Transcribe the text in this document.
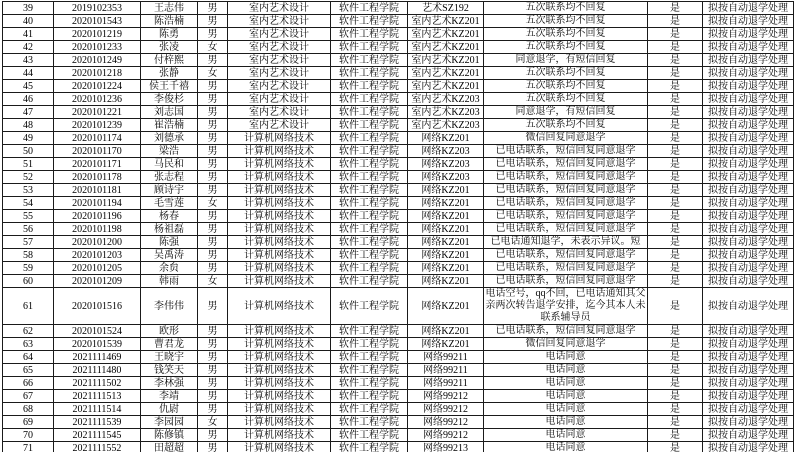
39	2019102353	王志伟	男	室内艺术设计	软件工程学院	艺术SZ192	五次联系均不回复	是	拟按自动退学处理
40	2020101543	陈浩楠	男	室内艺术设计	软件工程学院	室内艺术KZ201	五次联系均不回复	是	拟按自动退学处理
41	2020101219	陈勇	男	室内艺术设计	软件工程学院	室内艺术KZ201	五次联系均不回复	是	拟按自动退学处理
42	2020101233	张凌	女	室内艺术设计	软件工程学院	室内艺术KZ201	五次联系均不回复	是	拟按自动退学处理
43	2020101249	付梓熙	男	室内艺术设计	软件工程学院	室内艺术KZ201	同意退学，有短信回复	是	拟按自动退学处理
44	2020101218	张静	女	室内艺术设计	软件工程学院	室内艺术KZ201	五次联系均不回复	是	拟按自动退学处理
45	2020101224	侯王千禧	男	室内艺术设计	软件工程学院	室内艺术KZ201	五次联系均不回复	是	拟按自动退学处理
46	2020101236	李俊杉	男	室内艺术设计	软件工程学院	室内艺术KZ203	五次联系均不回复	是	拟按自动退学处理
47	2020101221	刘志国	男	室内艺术设计	软件工程学院	室内艺术KZ203	同意退学，有短信回复	是	拟按自动退学处理
48	2020101239	崔浩楠	男	室内艺术设计	软件工程学院	室内艺术KZ203	五次联系均不回复	是	拟按自动退学处理
49	2020101174	刘德承	男	计算机网络技术	软件工程学院	网络KZ201	微信回复同意退学	是	拟按自动退学处理
50	2020101170	梁浩	男	计算机网络技术	软件工程学院	网络KZ203	已电话联系，短信回复同意退学	是	拟按自动退学处理
51	2020101171	马民和	男	计算机网络技术	软件工程学院	网络KZ203	已电话联系，短信回复同意退学	是	拟按自动退学处理
52	2020101178	张志程	男	计算机网络技术	软件工程学院	网络KZ203	已电话联系，短信回复同意退学	是	拟按自动退学处理
53	2020101181	顾诗宇	男	计算机网络技术	软件工程学院	网络KZ201	已电话联系，短信回复同意退学	是	拟按自动退学处理
54	2020101194	毛雪莲	女	计算机网络技术	软件工程学院	网络KZ201	已电话联系，短信回复同意退学	是	拟按自动退学处理
55	2020101196	杨春	男	计算机网络技术	软件工程学院	网络KZ201	已电话联系，短信回复同意退学	是	拟按自动退学处理
56	2020101198	杨祖磊	男	计算机网络技术	软件工程学院	网络KZ201	已电话联系，短信回复同意退学	是	拟按自动退学处理
57	2020101200	陈强	男	计算机网络技术	软件工程学院	网络KZ201	已电话通知退学，未表示异议。短	是	拟按自动退学处理
58	2020101203	吴禹涛	男	计算机网络技术	软件工程学院	网络KZ201	已电话联系，短信回复同意退学	是	拟按自动退学处理
59	2020101205	余贠	男	计算机网络技术	软件工程学院	网络KZ201	已电话联系，短信回复同意退学	是	拟按自动退学处理
60	2020101209	韩雨	女	计算机网络技术	软件工程学院	网络KZ201	已电话联系，短信回复同意退学	是	拟按自动退学处理
61	2020101516	李伟伟	男	计算机网络技术	软件工程学院	网络KZ201	电话空号，qq不回，已电话通知其父亲两次转告退学安排，迄今其本人未联系辅导员	是	拟按自动退学处理
62	2020101524	欧形	男	计算机网络技术	软件工程学院	网络KZ201	已电话联系，短信回复同意退学	是	拟按自动退学处理
63	2020101539	曹君龙	男	计算机网络技术	软件工程学院	网络KZ201	微信回复同意退学	是	拟按自动退学处理
64	2021111469	王晓宇	男	计算机网络技术	软件工程学院	网络99211	电话同意	是	拟按自动退学处理
65	2021111480	钱笑天	男	计算机网络技术	软件工程学院	网络99211	电话同意	是	拟按自动退学处理
66	2021111502	李林强	男	计算机网络技术	软件工程学院	网络99211	电话同意	是	拟按自动退学处理
67	2021111513	李靖	男	计算机网络技术	软件工程学院	网络99212	电话同意	是	拟按自动退学处理
68	2021111514	仇尉	男	计算机网络技术	软件工程学院	网络99212	电话同意	是	拟按自动退学处理
69	2021111539	李园园	女	计算机网络技术	软件工程学院	网络99212	电话同意	是	拟按自动退学处理
70	2021111545	陈修镇	男	计算机网络技术	软件工程学院	网络99212	电话同意	是	拟按自动退学处理
71	2021111552	田超超	男	计算机网络技术	软件工程学院	网络99213	电话同意	是	拟按自动退学处理
